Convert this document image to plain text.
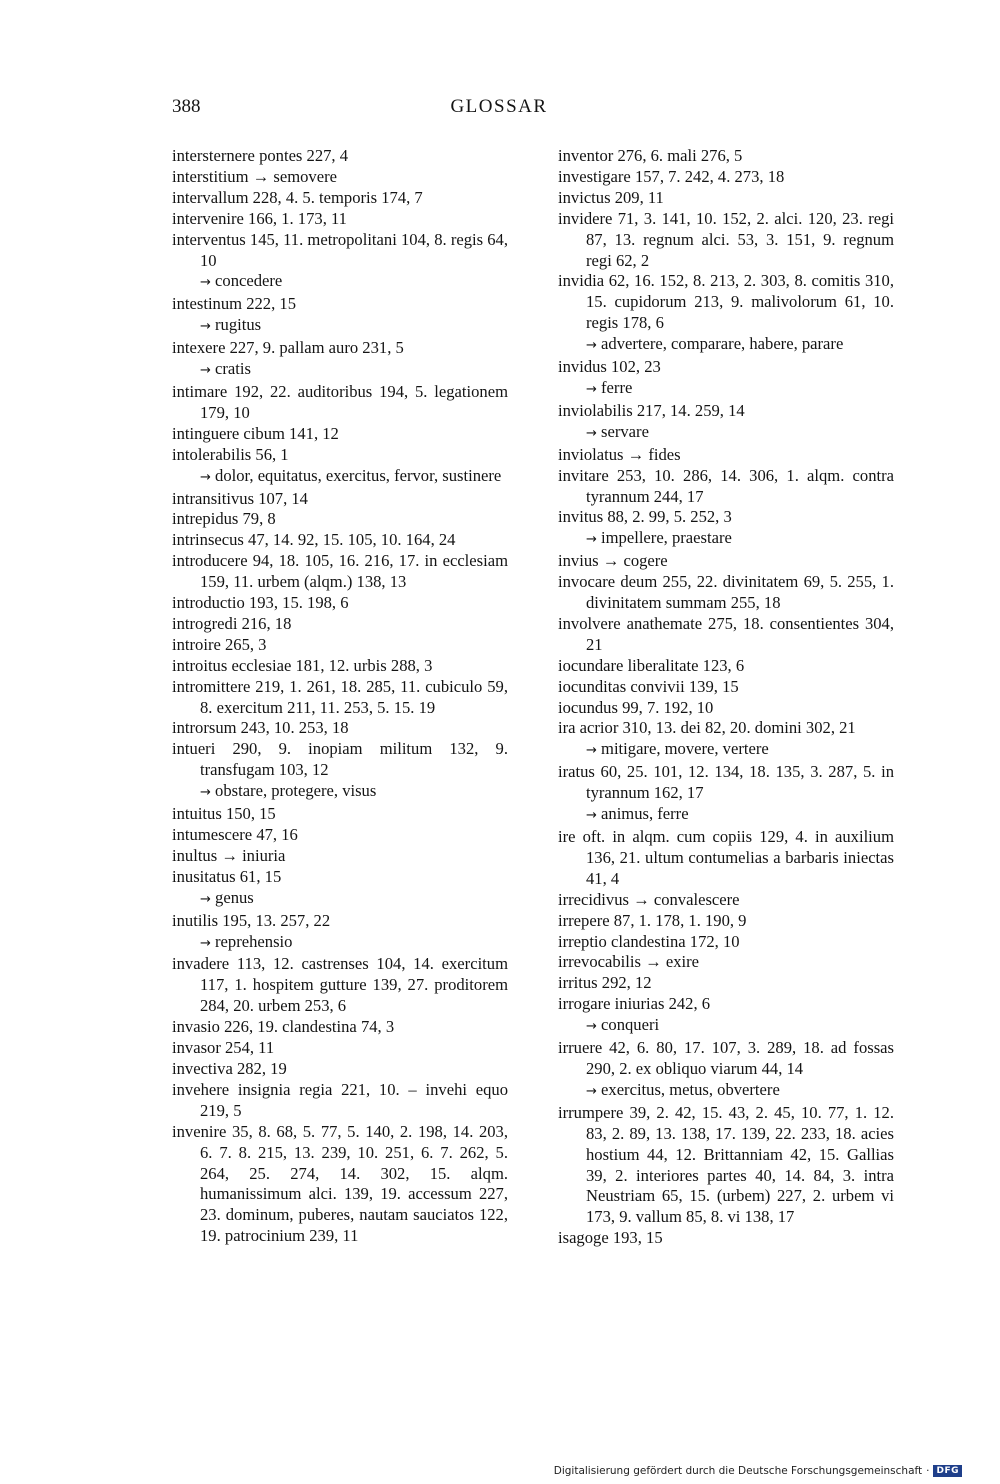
388	GLOSSAR

intersternere pontes 227, 4

interstitium → semovere

intervallum 228, 4. 5. temporis 174, 7

intervenire 166, 1. 173, 11

interventus 145, 11. metropolitani 104, 8. regis 64, 10

→ concedere

intestinum 222, 15

→ rugitus

intexere 227, 9. pallam auro 231, 5

→ cratis

intimare 192, 22. auditoribus 194, 5. legationem 179, 10

intinguere cibum 141, 12

intolerabilis 56, 1

→ dolor, equitatus, exercitus, fervor, sustinere

intransitivus 107, 14

intrepidus 79, 8

intrinsecus 47, 14. 92, 15. 105, 10. 164, 24

introducere 94, 18. 105, 16. 216, 17. in ecclesiam 159, 11. urbem (alqm.) 138, 13

introductio 193, 15. 198, 6

introgredi 216, 18

introire 265, 3

introitus ecclesiae 181, 12. urbis 288, 3

intromittere 219, 1. 261, 18. 285, 11. cubiculo 59, 8. exercitum 211, 11. 253, 5. 15. 19

introrsum 243, 10. 253, 18

intueri 290, 9. inopiam militum 132, 9. transfugam 103, 12

→ obstare, protegere, visus

intuitus 150, 15

intumescere 47, 16

inultus → iniuria

inusitatus 61, 15

→ genus

inutilis 195, 13. 257, 22

→ reprehensio

invadere 113, 12. castrenses 104, 14. exercitum 117, 1. hospitem gutture 139, 27. proditorem 284, 20. urbem 253, 6

invasio 226, 19. clandestina 74, 3

invasor 254, 11

invectiva 282, 19

invehere insignia regia 221, 10. – invehi equo 219, 5

invenire 35, 8. 68, 5. 77, 5. 140, 2. 198, 14. 203, 6. 7. 8. 215, 13. 239, 10. 251, 6. 7. 262, 5. 264, 25. 274, 14. 302, 15. alqm. humanissimum alci. 139, 19. accessum 227, 23. dominum, puberes, nautam sauciatos 122, 19. patrocinium 239, 11

inventor 276, 6. mali 276, 5

investigare 157, 7. 242, 4. 273, 18

invictus 209, 11

invidere 71, 3. 141, 10. 152, 2. alci. 120, 23. regi 87, 13. regnum alci. 53, 3. 151, 9. regnum regi 62, 2

invidia 62, 16. 152, 8. 213, 2. 303, 8. comitis 310, 15. cupidorum 213, 9. malivolorum 61, 10. regis 178, 6

→ advertere, comparare, habere, parare

invidus 102, 23

→ ferre

inviolabilis 217, 14. 259, 14

→ servare

inviolatus → fides

invitare 253, 10. 286, 14. 306, 1. alqm. contra tyrannum 244, 17

invitus 88, 2. 99, 5. 252, 3

→ impellere, praestare

invius → cogere

invocare deum 255, 22. divinitatem 69, 5. 255, 1. divinitatem summam 255, 18

involvere anathemate 275, 18. consentientes 304, 21

iocundare liberalitate 123, 6

iocunditas convivii 139, 15

iocundus 99, 7. 192, 10

ira acrior 310, 13. dei 82, 20. domini 302, 21

→ mitigare, movere, vertere

iratus 60, 25. 101, 12. 134, 18. 135, 3. 287, 5. in tyrannum 162, 17

→ animus, ferre

ire oft. in alqm. cum copiis 129, 4. in auxilium 136, 21. ultum contumelias a barbaris iniectas 41, 4

irrecidivus → convalescere

irrepere 87, 1. 178, 1. 190, 9

irreptio clandestina 172, 10

irrevocabilis → exire

irritus 292, 12

irrogare iniurias 242, 6

→ conqueri

irruere 42, 6. 80, 17. 107, 3. 289, 18. ad fossas 290, 2. ex obliquo viarum 44, 14

→ exercitus, metus, obvertere

irrumpere 39, 2. 42, 15. 43, 2. 45, 10. 77, 1. 12. 83, 2. 89, 13. 138, 17. 139, 22. 233, 18. acies hostium 44, 12. Brittanniam 42, 15. Gallias 39, 2. interiores partes 40, 14. 84, 3. intra Neustriam 65, 15. (urbem) 227, 2. urbem vi 173, 9. vallum 85, 8. vi 138, 17

isagoge 193, 15

Digitalisierung gefördert durch die Deutsche Forschungsgemeinschaft · DFG
